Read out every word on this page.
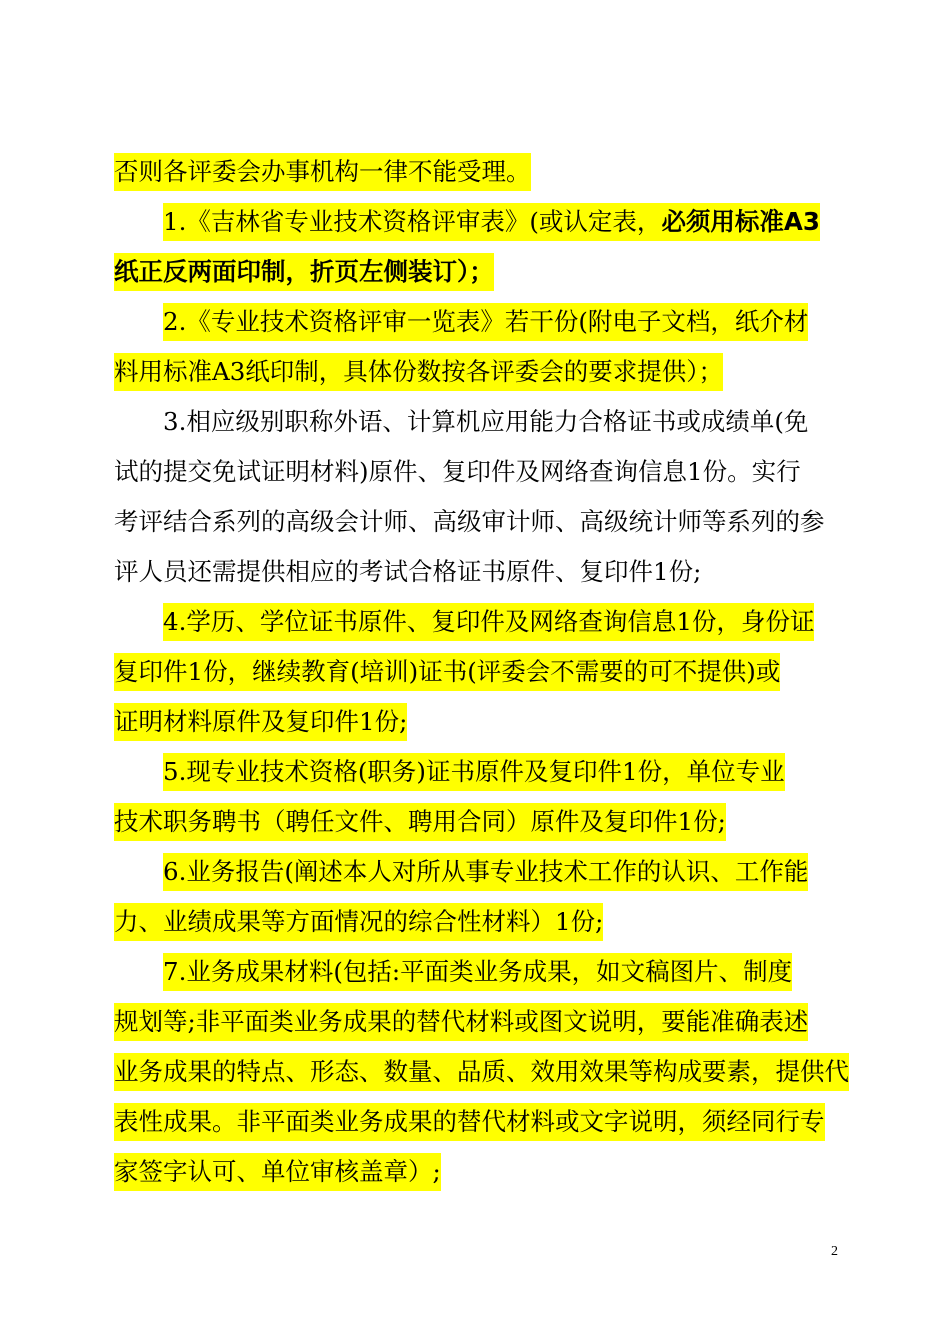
否则各评委会办事机构一律不能受理。
1.《吉林省专业技术资格评审表》(或认定表，必须用标准A3
纸正反两面印制，折页左侧装订）；
2.《专业技术资格评审一览表》若干份(附电子文档，纸介材
料用标准A3纸印制，具体份数按各评委会的要求提供）；
3.相应级别职称外语、计算机应用能力合格证书或成绩单(免
试的提交免试证明材料)原件、复印件及网络查询信息1份。实行
考评结合系列的高级会计师、高级审计师、高级统计师等系列的参
评人员还需提供相应的考试合格证书原件、复印件1份;
4.学历、学位证书原件、复印件及网络查询信息1份，身份证
复印件1份，继续教育(培训)证书(评委会不需要的可不提供)或
证明材料原件及复印件1份;
5.现专业技术资格(职务)证书原件及复印件1份，单位专业
技术职务聘书（聘任文件、聘用合同）原件及复印件1份;
6.业务报告(阐述本人对所从事专业技术工作的认识、工作能
力、业绩成果等方面情况的综合性材料）1份;
7.业务成果材料(包括:平面类业务成果，如文稿图片、制度
规划等;非平面类业务成果的替代材料或图文说明，要能准确表述
业务成果的特点、形态、数量、品质、效用效果等构成要素，提供代
表性成果。非平面类业务成果的替代材料或文字说明，须经同行专
家签字认可、单位审核盖章）;
2
